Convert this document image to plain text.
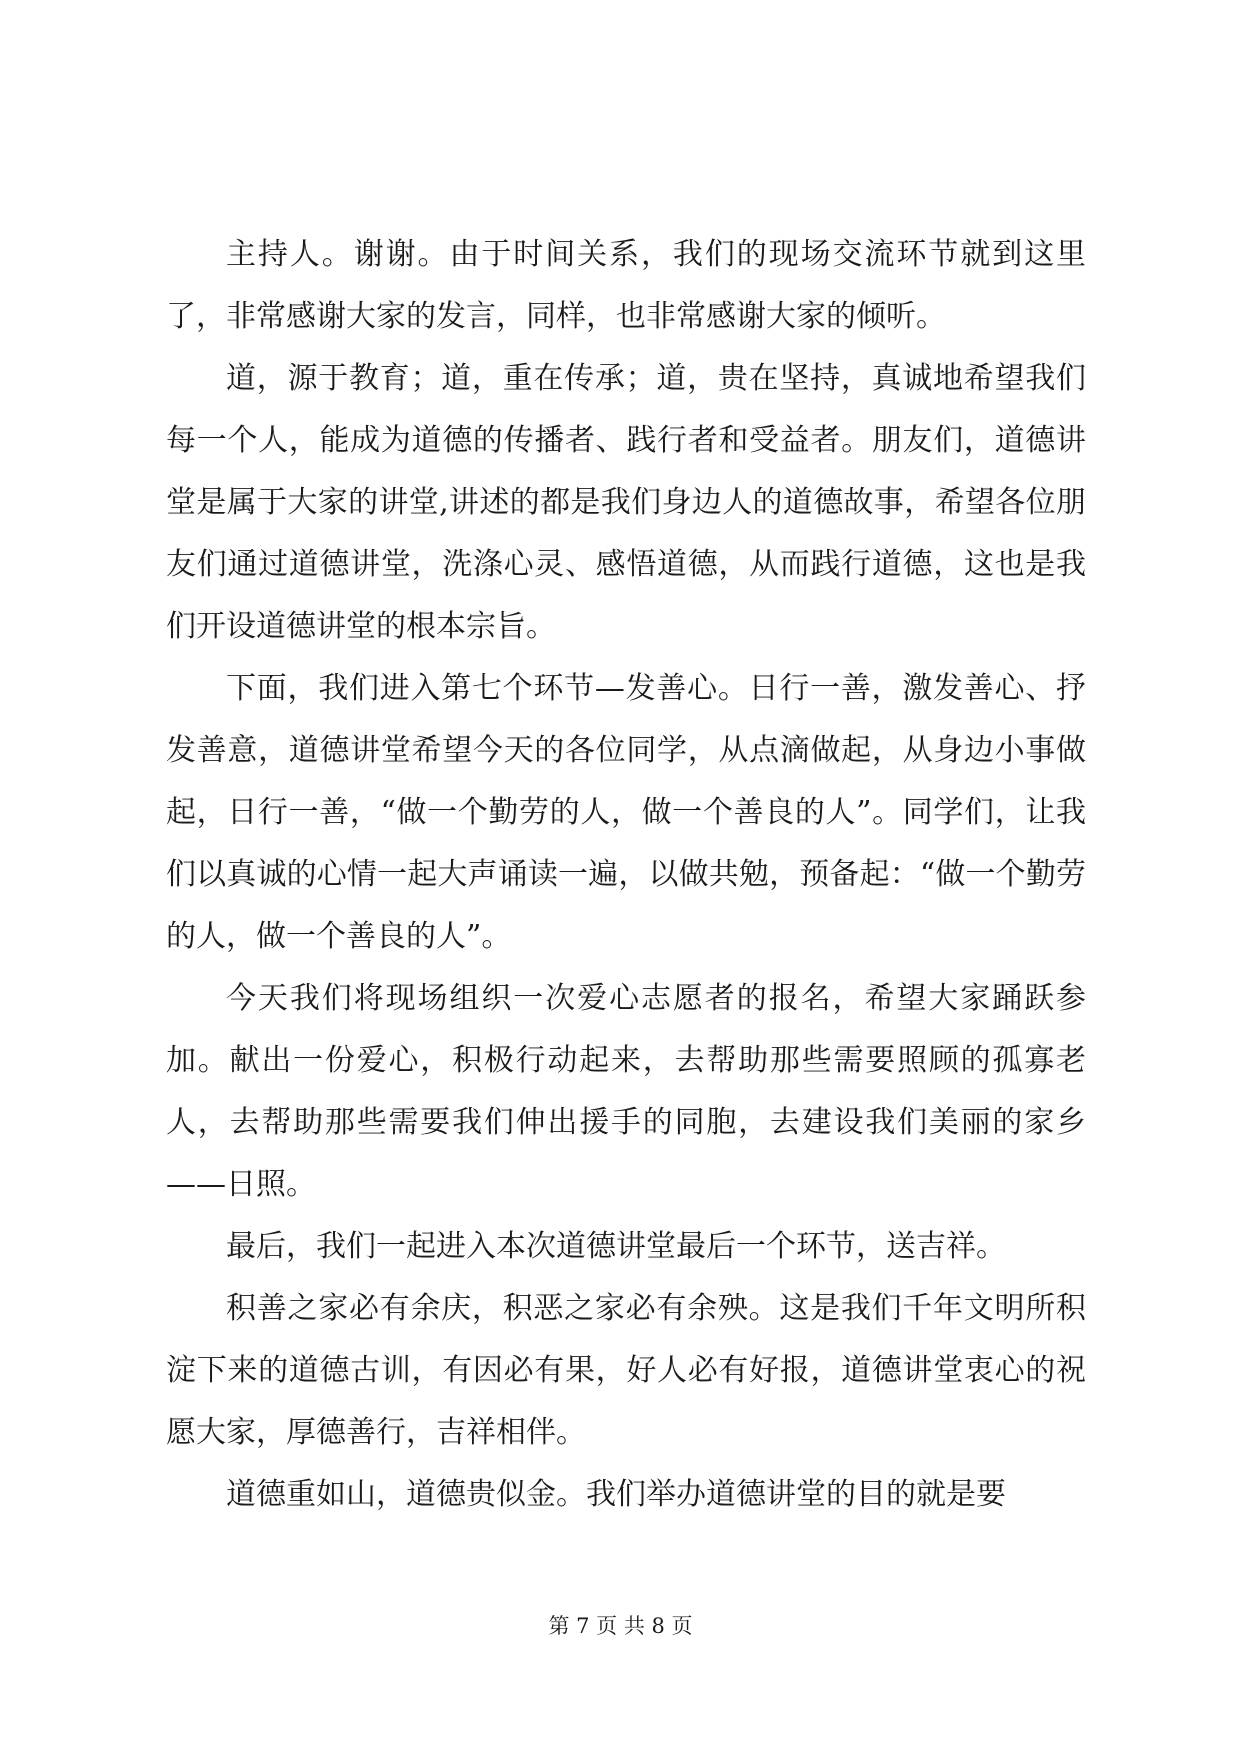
主持人。谢谢。由于时间关系，我们的现场交流环节就到这里了，非常感谢大家的发言，同样，也非常感谢大家的倾听。

道，源于教育；道，重在传承；道，贵在坚持，真诚地希望我们每一个人，能成为道德的传播者、践行者和受益者。朋友们，道德讲堂是属于大家的讲堂,讲述的都是我们身边人的道德故事，希望各位朋友们通过道德讲堂，洗涤心灵、感悟道德，从而践行道德，这也是我们开设道德讲堂的根本宗旨。

下面，我们进入第七个环节—发善心。日行一善，激发善心、抒发善意，道德讲堂希望今天的各位同学，从点滴做起，从身边小事做起，日行一善，“做一个勤劳的人，做一个善良的人”。同学们，让我们以真诚的心情一起大声诵读一遍，以做共勉，预备起：“做一个勤劳的人，做一个善良的人”。

今天我们将现场组织一次爱心志愿者的报名，希望大家踊跃参加。献出一份爱心，积极行动起来，去帮助那些需要照顾的孤寡老人，去帮助那些需要我们伸出援手的同胞，去建设我们美丽的家乡——日照。

最后，我们一起进入本次道德讲堂最后一个环节，送吉祥。

积善之家必有余庆，积恶之家必有余殃。这是我们千年文明所积淀下来的道德古训，有因必有果，好人必有好报，道德讲堂衷心的祝愿大家，厚德善行，吉祥相伴。

道德重如山，道德贵似金。我们举办道德讲堂的目的就是要

第 7 页 共 8 页
